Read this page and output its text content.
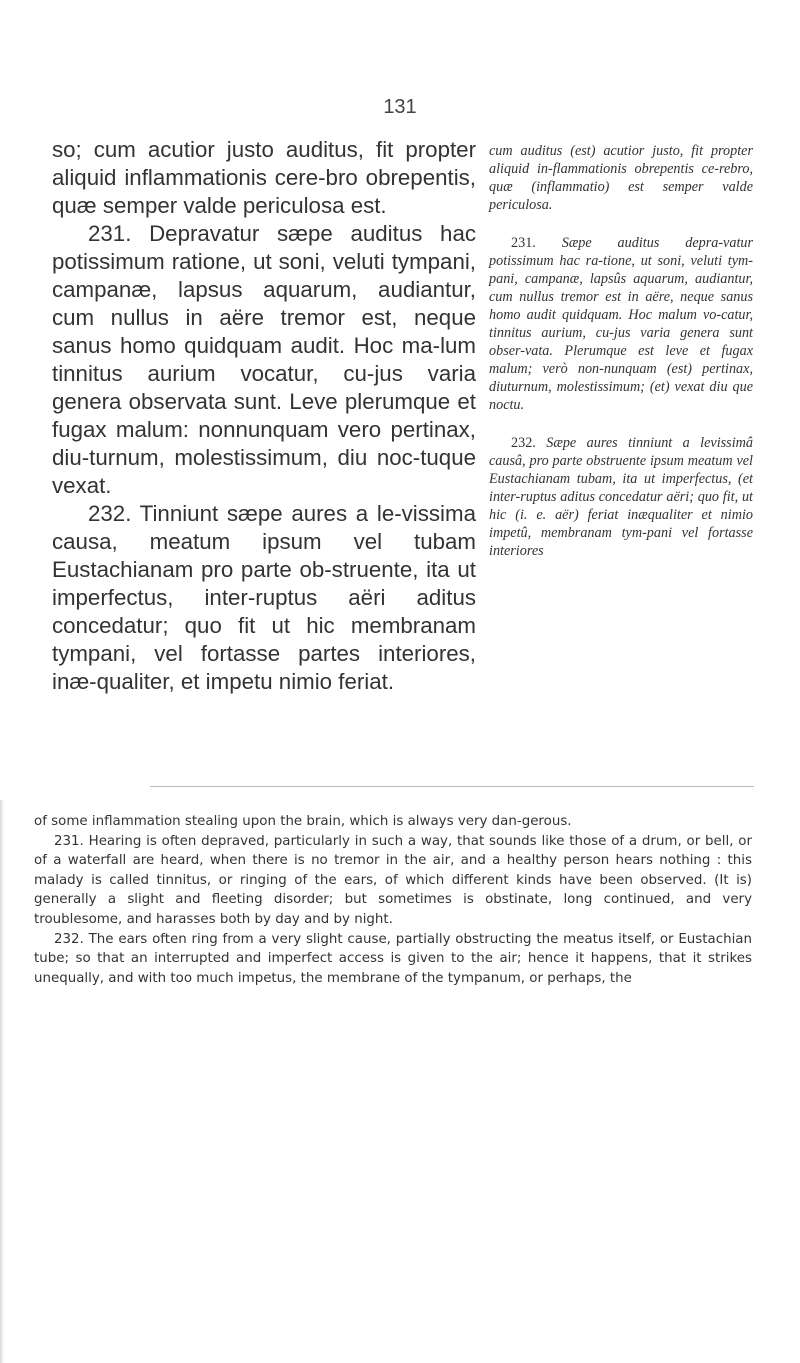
131

so; cum acutior justo auditus, fit propter aliquid inflammationis cere-bro obrepentis, quæ semper valde periculosa est.

231. Depravatur sæpe auditus hac potissimum ratione, ut soni, veluti tympani, campanæ, lapsus aquarum, audiantur, cum nullus in aëre tremor est, neque sanus homo quidquam audit. Hoc ma-lum tinnitus aurium vocatur, cu-jus varia genera observata sunt. Leve plerumque et fugax malum: nonnunquam vero pertinax, diu-turnum, molestissimum, diu noc-tuque vexat.

232. Tinniunt sæpe aures a le-vissima causa, meatum ipsum vel tubam Eustachianam pro parte ob-struente, ita ut imperfectus, inter-ruptus aëri aditus concedatur; quo fit ut hic membranam tympani, vel fortasse partes interiores, inæ-qualiter, et impetu nimio feriat.

cum auditus (est) acutior justo, fit propter aliquid in-flammationis obrepentis ce-rebro, quæ (inflammatio) est semper valde periculosa.

231. Sæpe auditus depra-vatur potissimum hac ra-tione, ut soni, veluti tym-pani, campanæ, lapsûs aquarum, audiantur, cum nullus tremor est in aëre, neque sanus homo audit quidquam. Hoc malum vo-catur, tinnitus aurium, cu-jus varia genera sunt obser-vata. Plerumque est leve et fugax malum; verò non-nunquam (est) pertinax, diuturnum, molestissimum; (et) vexat diu que noctu.

232. Sæpe aures tinniunt a levissimâ causâ, pro parte obstruente ipsum meatum vel Eustachianam tubam, ita ut imperfectus, (et inter-ruptus aditus concedatur aëri; quo fit, ut hic (i. e. aër) feriat inæqualiter et nimio impetû, membranam tym-pani vel fortasse interiores

of some inflammation stealing upon the brain, which is always very dan-gerous.

231. Hearing is often depraved, particularly in such a way, that sounds like those of a drum, or bell, or of a waterfall are heard, when there is no tremor in the air, and a healthy person hears nothing : this malady is called tinnitus, or ringing of the ears, of which different kinds have been observed. (It is) generally a slight and fleeting disorder; but sometimes is obstinate, long continued, and very troublesome, and harasses both by day and by night.

232. The ears often ring from a very slight cause, partially obstructing the meatus itself, or Eustachian tube; so that an interrupted and imperfect access is given to the air; hence it happens, that it strikes unequally, and with too much impetus, the membrane of the tympanum, or perhaps, the
